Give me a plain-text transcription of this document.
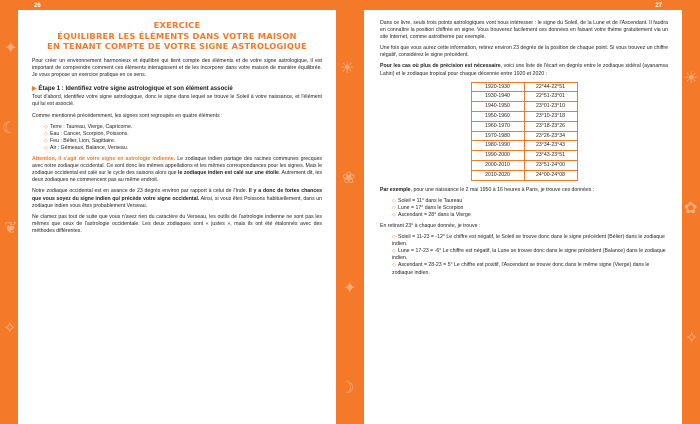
✦
☾
❦
✧
☀
❀
✦
☽
☀
✿
✧
26
EXERCICE
ÉQUILIBRER LES ÉLÉMENTS DANS VOTRE MAISON
EN TENANT COMPTE DE VOTRE SIGNE ASTROLOGIQUE

Pour créer un environnement harmonieux et équilibré qui tient compte des éléments et de votre signe astrologique, il est important de comprendre comment ces éléments interagissent et de les incorporer dans votre maison de manière équilibrée. Je vous propose un exercice pratique en ce sens.

▶ Étape 1 : Identifiez votre signe astrologique et son élément associé

Tout d'abord, identifiez votre signe astrologique, donc le signe dans lequel se trouve le Soleil à votre naissance, et l'élément qui lui est associé.

Comme mentionné précédemment, les signes sont regroupés en quatre éléments :

◇ Terre : Taureau, Vierge, Capricorne.
◇ Eau : Cancer, Scorpion, Poissons.
◇ Feu : Bélier, Lion, Sagittaire.
◇ Air : Gémeaux, Balance, Verseau.

Attention, il s'agit de votre signe en astrologie indienne. Le zodiaque indien partage des racines communes grecques avec notre zodiaque occidental. Ce sont donc les mêmes appellations et les mêmes correspondances pour les signes. Mais le zodiaque occidental est calé sur le cycle des saisons alors que le zodiaque indien est calé sur une étoile. Autrement dit, les deux zodiaques ne commencent pas au même endroit.

Notre zodiaque occidental est en avance de 23 degrés environ par rapport à celui de l'Inde. Il y a donc de fortes chances que vous soyez du signe indien qui précède votre signe occidental. Ainsi, si vous êtes Poissons habituellement, dans un zodiaque indien vous êtes probablement Verseau.

Ne clamez pas tout de suite que vous n'avez rien du caractère du Verseau, les outils de l'astrologie indienne ne sont pas les mêmes que ceux de l'astrologie occidentale. Les deux zodiaques sont « justes », mais ils ont été étalonnés avec des méthodes différentes.

27

Dans ce livre, seuls trois points astrologiques vont nous intéresser : le signe du Soleil, de la Lune et de l'Ascendant. Il faudra en connaître la position chiffrée en signe. Vous trouverez facilement ces données en faisant votre thème gratuitement via un site Internet, comme astrotheme par exemple.

Une fois que vous aurez cette information, retirez environ 23 degrés de la position de chaque point. Si vous trouvez un chiffre négatif, considérez le signe précédent.

Pour les cas où plus de précision est nécessaire, voici une liste de l'écart en degrés entre le zodiaque sidéral (ayanamsa Lahiri) et le zodiaque tropical pour chaque décennie entre 1920 et 2020 :

1920-1930	22°44-22°51
1930-1940	22°51-23°01
1940-1950	23°01-23°10
1950-1960	23°10-23°18
1960-1970	23°18-23°26
1970-1980	23°26-23°34
1980-1990	23°34-23°43
1990-2000	23°43-23°51
2000-2010	23°51-24°00
2010-2020	24°00-24°08

Par exemple, pour une naissance le 2 mai 1950 à 16 heures à Paris, je trouve ces données :

◇ Soleil = 11° dans le Taureau
◇ Lune = 17° dans le Scorpion
◇ Ascendant = 28° dans la Vierge

En retirant 23° à chaque donnée, je trouve :

◇ Soleil = 11-23 = -12° Le chiffre est négatif, le Soleil se trouve donc dans le signe précédent (Bélier) dans le zodiaque indien.
◇ Lune = 17-23 = -6° Le chiffre est négatif, la Lune se trouve donc dans le signe précédent (Balance) dans le zodiaque indien.
◇ Ascendant = 28-23 = 5° Le chiffre est positif, l'Ascendant se trouve donc dans le même signe (Vierge) dans le zodiaque indien.
